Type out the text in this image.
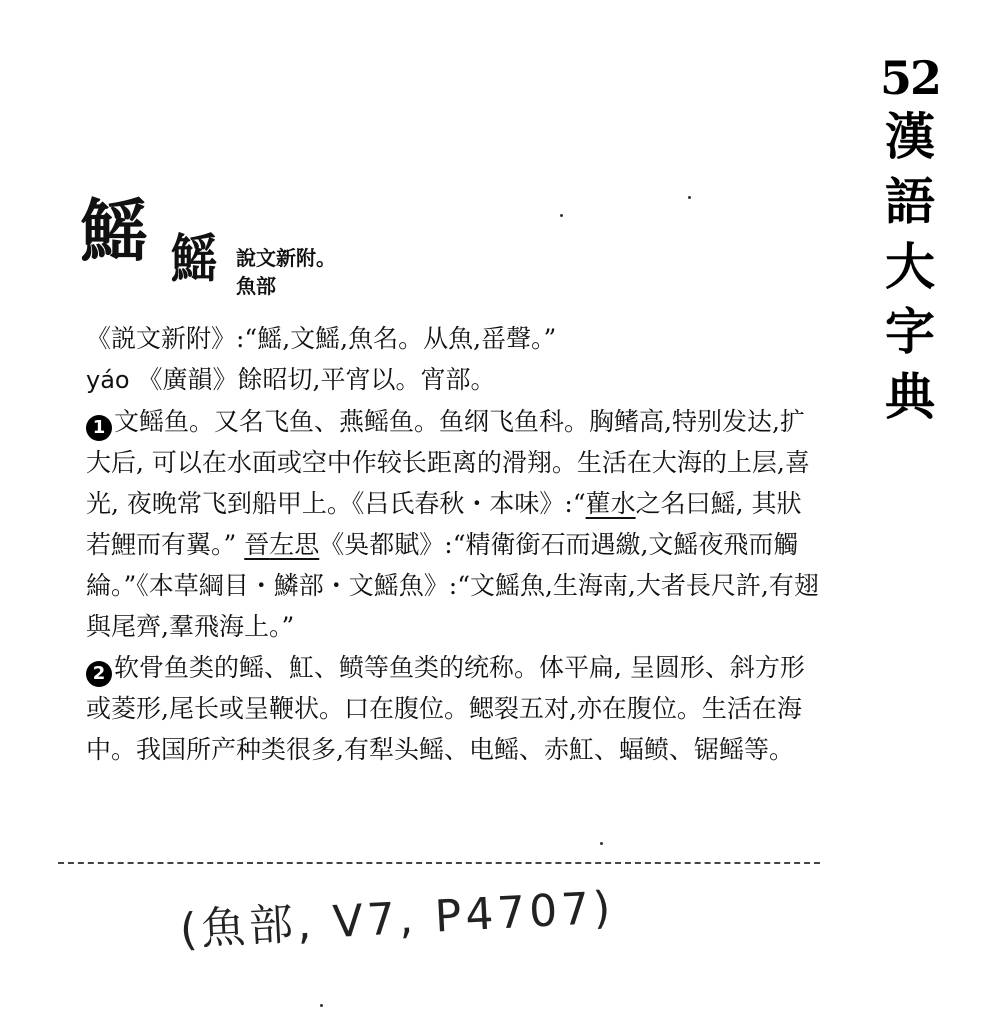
52
漢
語
大
字
典
鰩 鰩 說文新附。
魚部

《説文新附》:“鰩,文鰩,魚名。从魚,䍃聲。”

yáo 《廣韻》餘昭切,平宵以。宵部。

1 文鳐鱼。又名飞鱼、燕鳐鱼。鱼纲飞鱼科。胸鳍高,特别发达,扩大后, 可以在水面或空中作较长距离的滑翔。生活在大海的上层,喜光, 夜晚常飞到船甲上。《吕氏春秋・本味》:“雚水之名曰鰩, 其狀若鯉而有翼。” 晉左思《吳都賦》:“精衛銜石而遇繳,文鰩夜飛而觸綸。”《本草綱目・鱗部・文鰩魚》:“文鰩魚,生海南,大者長尺許,有翅與尾齊,羣飛海上。”

2 软骨鱼类的鳐、魟、鲼等鱼类的统称。体平扁, 呈圆形、斜方形或菱形,尾长或呈鞭状。口在腹位。鳃裂五对,亦在腹位。生活在海中。我国所产种类很多,有犁头鳐、电鳐、赤魟、蝠鲼、锯鳐等。

(魚部, V7, P4707)
